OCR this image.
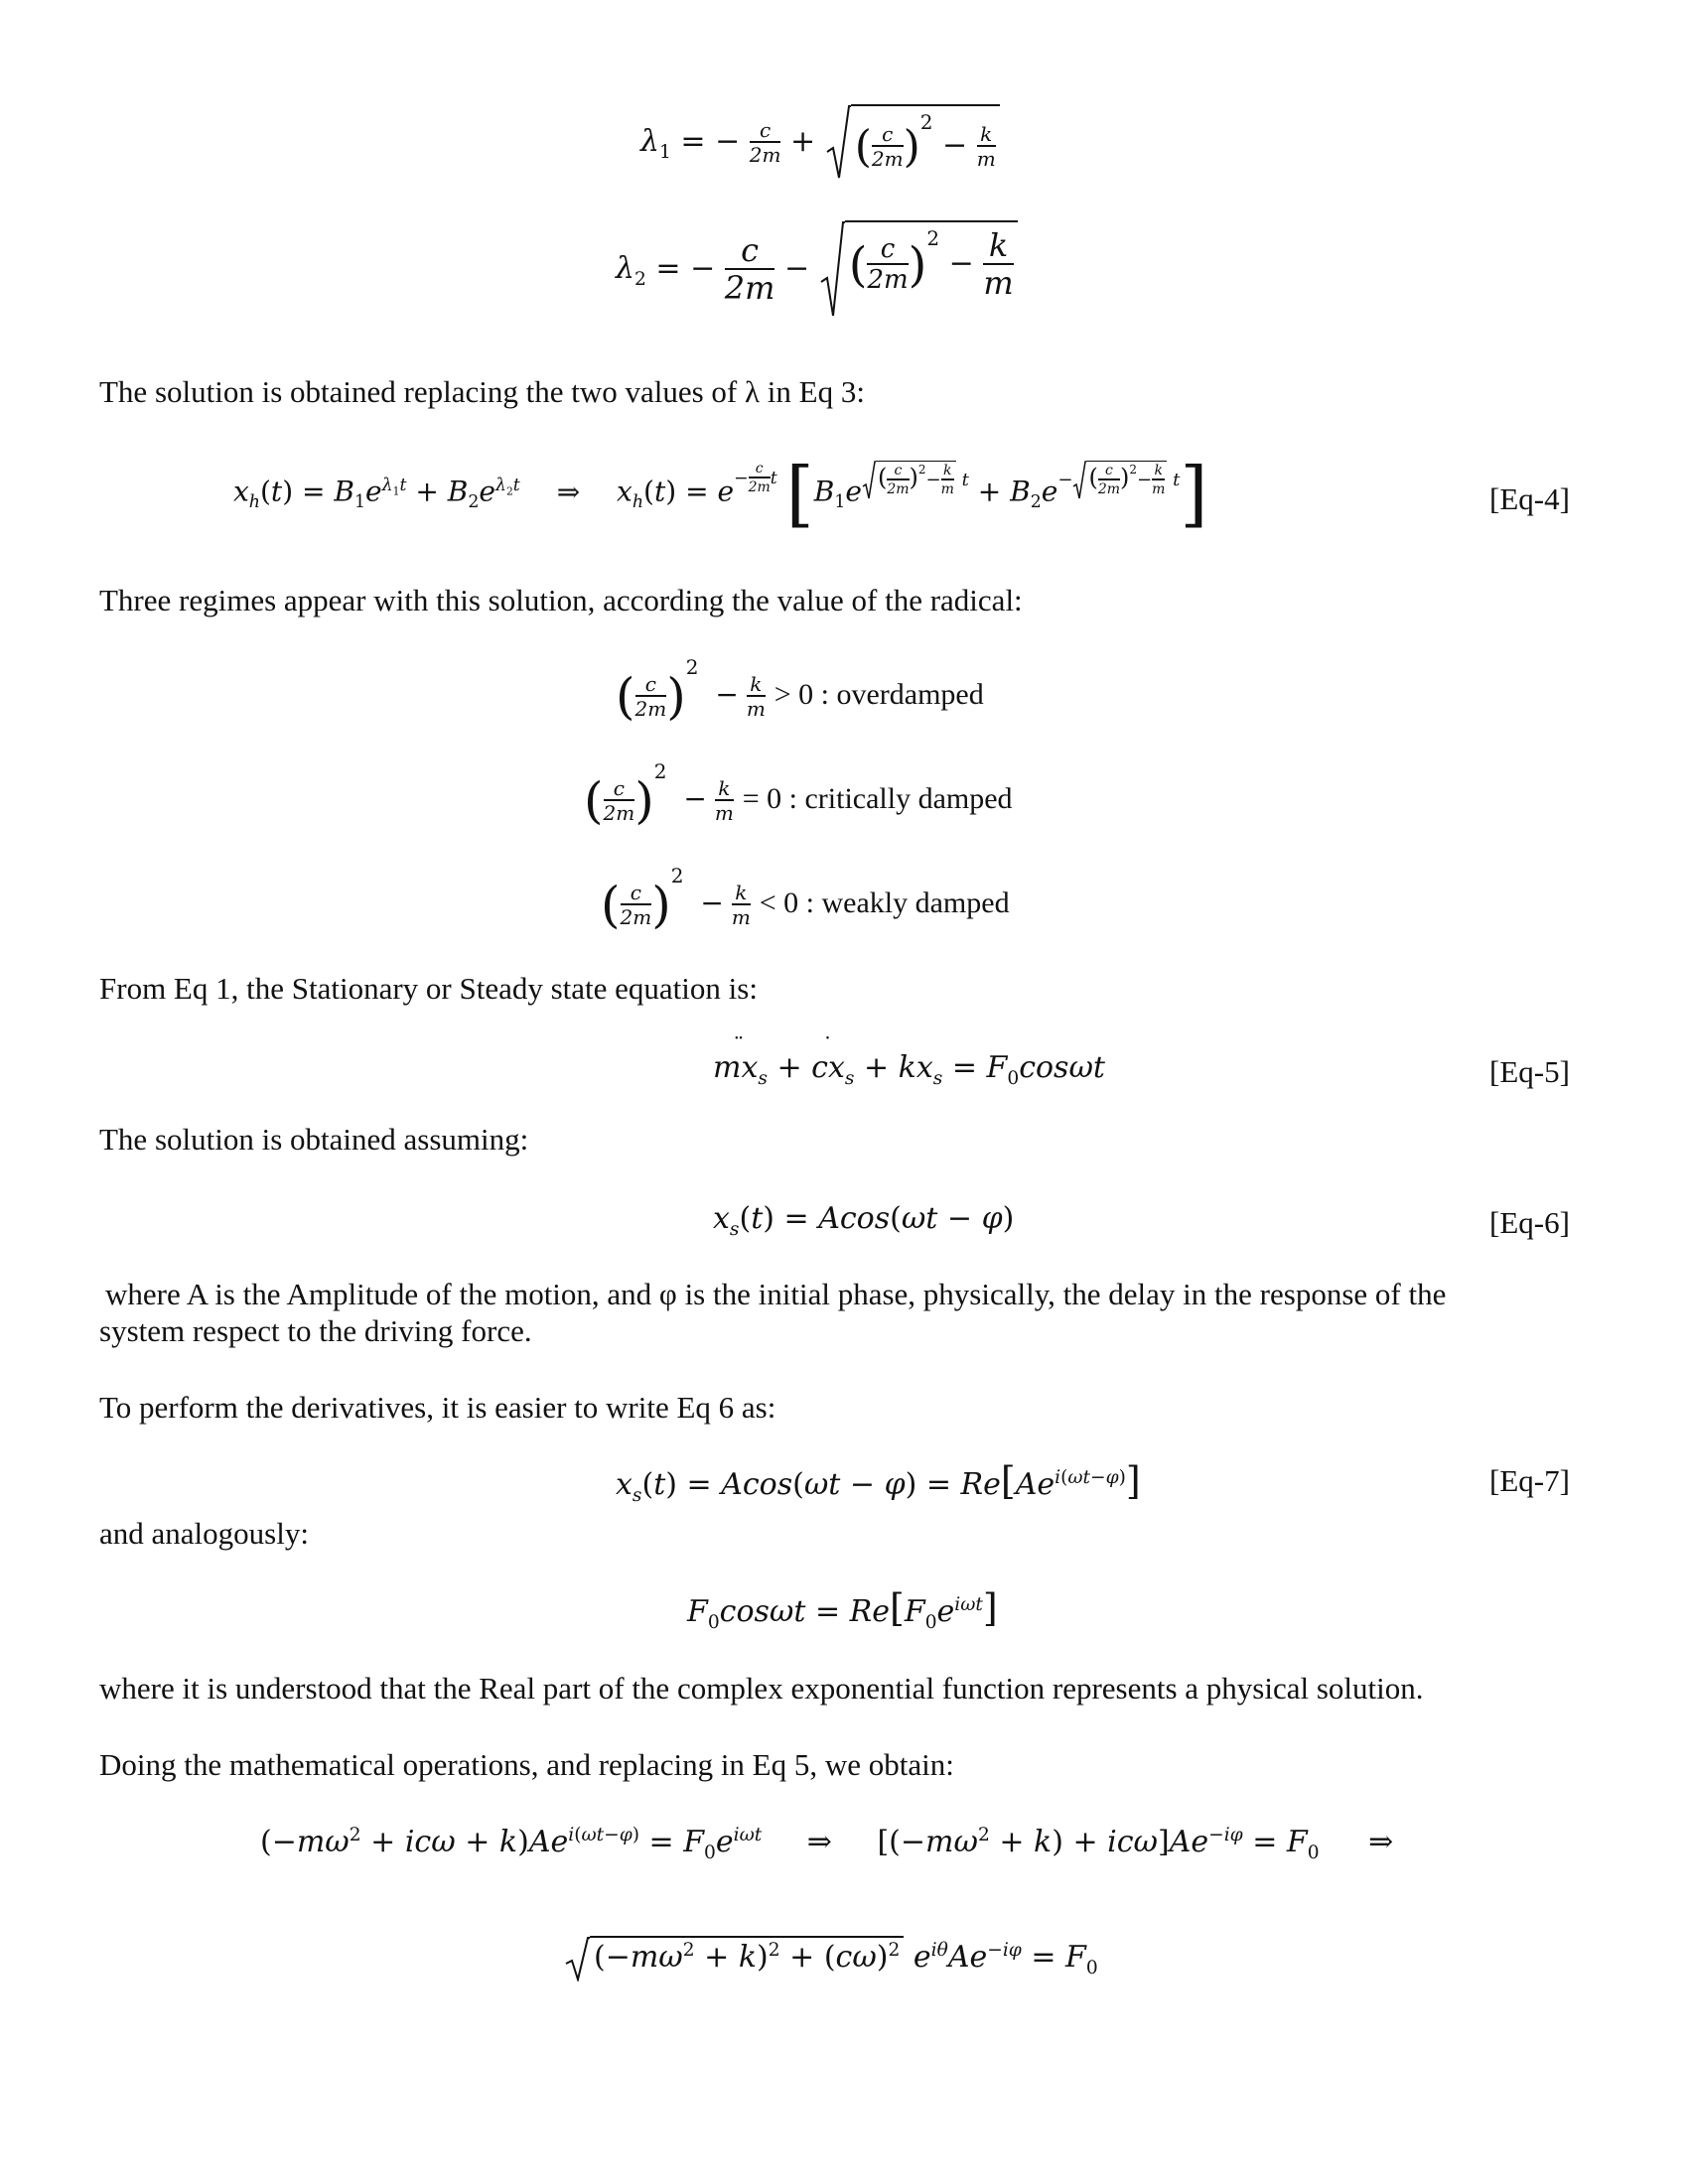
$\lambda_1$ = − $\frac{c}{2m}$ + ( $\frac{c}{2m} )^2 - \frac{k}{m}$
$\lambda_2$ = − $\frac{c}{2m}$ − ( $\frac{c}{2m} )^2 - \frac{k}{m}$
The solution is obtained replacing the two values of λ in Eq 3:
$x_h(t) = B_1e^{\lambda_1t} + B_2e^{\lambda_2t}$ ⇒ $x_h(t) = e^{- \frac{c}{2m} t}$ [$B_1e$ $^{( \frac{c}{2m} )^2- \frac{k}{m} t} + B_2e^{- ( \frac{c}{2m} )^2- \frac{k}{m} t}$]	[Eq-4]
Three regimes appear with this solution, according the value of the radical:
( $\frac{c}{2m} )^2 - \frac{k}{m} > 0$ : overdamped
( $\frac{c}{2m} )^2 - \frac{k}{m} = 0$ : critically damped
( $\frac{c}{2m} )^2 - \frac{k}{m} < 0$ : weakly damped
From Eq 1, the Stationary or Steady state equation is:
mx
$_s$ + cx
$_s + kx_s = F_0\cos\omega t$	[Eq-5]
The solution is obtained assuming:
$x_s(t) = Acos(\omega t - \varphi)$	[Eq-6]
where A is the Amplitude of the motion, and φ is the initial phase, physically, the delay in the response of the
system respect to the driving force.
To perform the derivatives, it is easier to write Eq 6 as:
$x_s(t) = Acos(\omega t - \varphi) = Re[Ae^{i(\omega t-\varphi)}]$	[Eq-7]
and analogously:
$F_0\cos\omega t = Re[F_0e^{i\omega t}]$
where it is understood that the Real part of the complex exponential function represents a physical solution.
Doing the mathematical operations, and replacing in Eq 5, we obtain:
$(-m\omega^2 + ic\omega + k)Ae^{i(\omega t-\varphi)} = F_0e^{i\omega t}$ ⇒ $[(-m\omega^2 + k) + ic\omega]Ae^{-i\varphi} = F_0$ ⇒
$(-m\omega^2 + k)^2 + (c\omega)^2$ $e^{i\theta}Ae^{-i\varphi} = F_0$
